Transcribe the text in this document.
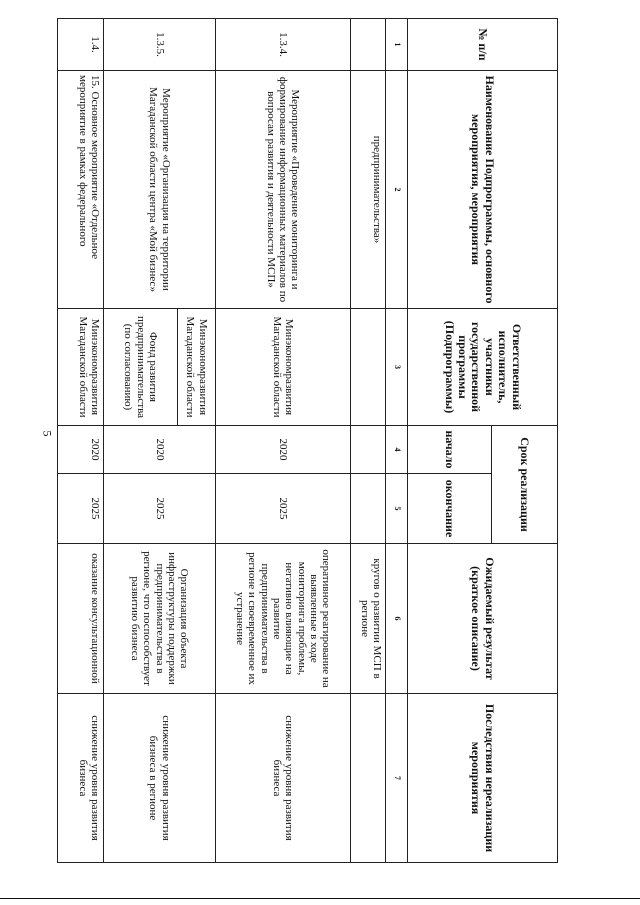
5
№ п/п	Наименование Подпрограммы, основного мероприятия, мероприятия	Ответственный исполнитель, участники государственной программы (Подпрограммы)	Срок реализации		Ожидаемый результат (краткое описание)	Последствия нереализации мероприятия
			начало	окончание		
1	2	3	4	5	6	7
	предпринимательства»				кругов о развитии МСП в регионе	
1.3.4.	Мероприятие «Проведение мониторинга и формирование информационных материалов по вопросам развития и деятельности МСП»	Минэкономразвития Магаданской области	2020	2025	оперативное реагирование на выявленные в ходе мониторинга проблемы, негативно влияющие на развитие предпринимательства в регионе и своевременное их устранение	снижение уровня развития бизнеса
1.3.5.	Мероприятие «Организация на территории Магаданской области центра «Мой бизнес»	Минэкономразвития Магаданской области	2020	2025	Организация объекта инфраструктуры поддержки предпринимательства в регионе, что поспособствует развитию бизнеса	снижение уровня развития бизнеса в регионе
		Фонд развития предпринимательства (по согласованию)				
1.4.	15. Основное мероприятие «Отдельное мероприятие в рамках федерального	Минэкономразвития Магаданской области	2020	2025	оказание консультационной	снижение уровня развития бизнеса
